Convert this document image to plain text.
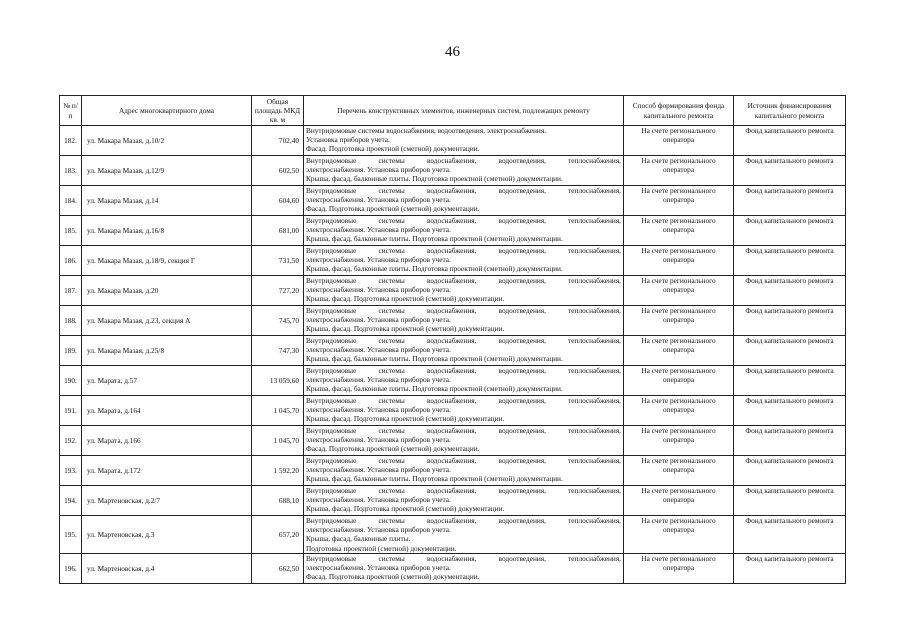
46
№ п/п	Адрес многоквартирного дома	Общая площадь МКД кв. м	Перечень конструктивных элементов, инженерных систем, подлежащих ремонту	Способ формирования фонда капитального ремонта	Источник финансирования капитального ремонта
182.	ул. Макара Мазая, д.10/2	702,40	Внутридомовые системы водоснабжения, водоотведения, электроснабжения.
Установка приборов учета.
Фасад. Подготовка проектной (сметной) документации.	На счете регионального оператора	Фонд капитального ремонта
183.	ул. Макара Мазая, д.12/9	602,50	Внутридомовые системы водоснабжения, водоотведения, теплоснабжения,
электроснабжения. Установка приборов учета.
Крыша, фасад, балконные плиты. Подготовка проектной (сметной) документации.	На счете регионального оператора	Фонд капитального ремонта
184.	ул. Макара Мазая, д.14	604,60	Внутридомовые системы водоснабжения, водоотведения, теплоснабжения,
электроснабжения. Установка приборов учета.
Фасад. Подготовка проектной (сметной) документации.	На счете регионального оператора	Фонд капитального ремонта
185.	ул. Макара Мазая, д.16/8	681,00	Внутридомовые системы водоснабжения, водоотведения, теплоснабжения,
электроснабжения. Установка приборов учета.
Крыша, фасад, балконные плиты. Подготовка проектной (сметной) документации.	На счете регионального оператора	Фонд капитального ремонта
186.	ул. Макара Мазая, д.18/9, секция Г	731,50	Внутридомовые системы водоснабжения, водоотведения, теплоснабжения,
электроснабжения. Установка приборов учета.
Крыша, фасад, балконные плиты. Подготовка проектной (сметной) документации.	На счете регионального оператора	Фонд капитального ремонта
187.	ул. Макара Мазая, д.20	727,20	Внутридомовые системы водоснабжения, водоотведения, теплоснабжения,
электроснабжения. Установка приборов учета.
Крыша, фасад. Подготовка проектной (сметной) документации.	На счете регионального оператора	Фонд капитального ремонта
188.	ул. Макара Мазая, д.23, секция А	745,70	Внутридомовые системы водоснабжения, водоотведения, теплоснабжения,
электроснабжения. Установка приборов учета.
Крыша, фасад. Подготовка проектной (сметной) документации.	На счете регионального оператора	Фонд капитального ремонта
189.	ул. Макара Мазая, д.25/8	747,30	Внутридомовые системы водоснабжения, водоотведения, теплоснабжения,
электроснабжения. Установка приборов учета.
Крыша, фасад, балконные плиты. Подготовка проектной (сметной) документации.	На счете регионального оператора	Фонд капитального ремонта
190.	ул. Марата, д.57	13 059,60	Внутридомовые системы водоснабжения, водоотведения, теплоснабжения,
электроснабжения. Установка приборов учета.
Крыша, фасад, балконные плиты. Подготовка проектной (сметной) документации.	На счете регионального оператора	Фонд капитального ремонта
191.	ул. Марата, д.164	1 045,70	Внутридомовые системы водоснабжения, водоотведения, теплоснабжения,
электроснабжения. Установка приборов учета.
Крыша, фасад. Подготовка проектной (сметной) документации.	На счете регионального оператора	Фонд капитального ремонта
192.	ул. Марата, д.166	1 045,70	Внутридомовые системы водоснабжения, водоотведения, теплоснабжения,
электроснабжения. Установка приборов учета.
Фасад. Подготовка проектной (сметной) документации.	На счете регионального оператора	Фонд капитального ремонта
193.	ул. Марата, д.172	1 592,20	Внутридомовые системы водоснабжения, водоотведения, теплоснабжения,
электроснабжения. Установка приборов учета.
Крыша, фасад, балконные плиты. Подготовка проектной (сметной) документации.	На счете регионального оператора	Фонд капитального ремонта
194.	ул. Мартеновская, д.2/7	688,10	Внутридомовые системы водоснабжения, водоотведения, теплоснабжения,
электроснабжения. Установка приборов учета.
Крыша, фасад. Подготовка проектной (сметной) документации.	На счете регионального оператора	Фонд капитального ремонта
195.	ул. Мартеновская, д.3	657,20	Внутридомовые системы водоснабжения, водоотведения, теплоснабжения,
электроснабжения. Установка приборов учета.
Крыша, фасад, балконные плиты.
Подготовка проектной (сметной) документации.	На счете регионального оператора	Фонд капитального ремонта
196.	ул. Мартеновская, д.4	662,50	Внутридомовые системы водоснабжения, водоотведения, теплоснабжения,
электроснабжения. Установка приборов учета.
Фасад. Подготовка проектной (сметной) документации.	На счете регионального оператора	Фонд капитального ремонта
